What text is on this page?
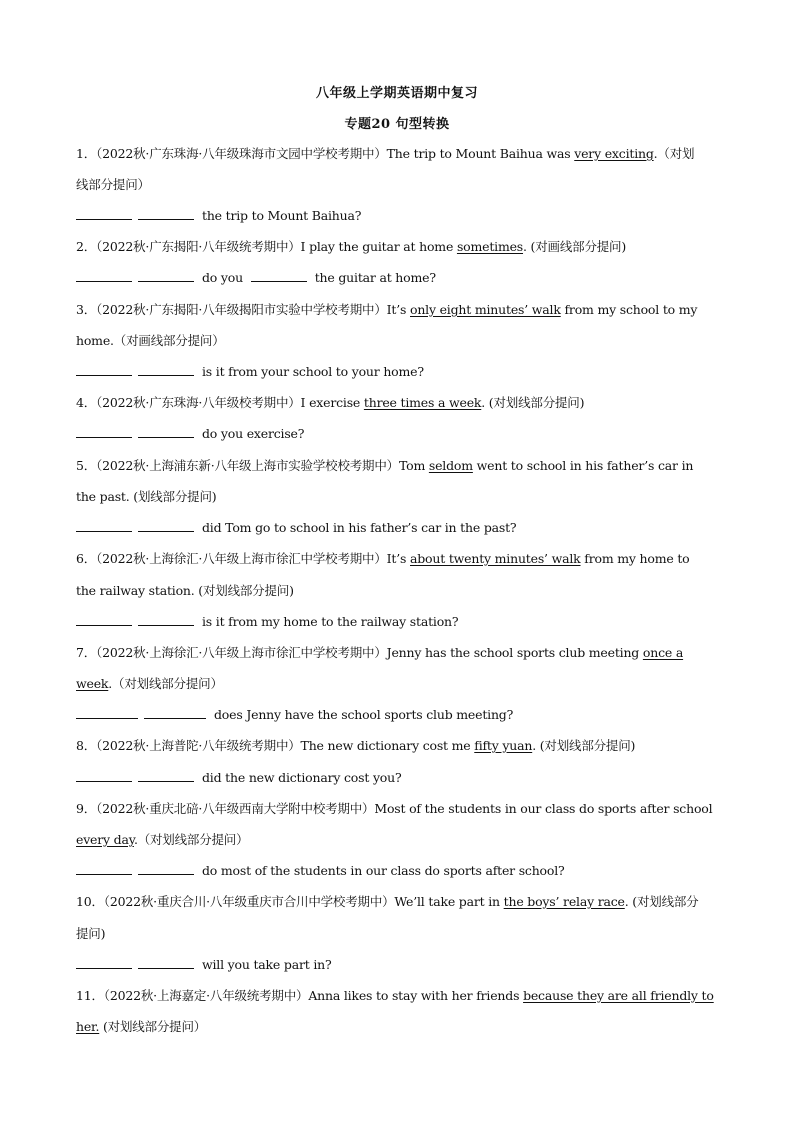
八年级上学期英语期中复习
专题20 句型转换
1．（2022秋·广东珠海·八年级珠海市文园中学校考期中）The trip to Mount Baihua was very exciting.（对划
线部分提问）
the trip to Mount Baihua?
2．（2022秋·广东揭阳·八年级统考期中）I play the guitar at home sometimes. (对画线部分提问)
do you	the guitar at home?
3．（2022秋·广东揭阳·八年级揭阳市实验中学校考期中）It’s only eight minutes’ walk from my school to my
home.（对画线部分提问）
is it from your school to your home?
4．（2022秋·广东珠海·八年级校考期中）I exercise three times a week. (对划线部分提问)
do you exercise?
5．（2022秋·上海浦东新·八年级上海市实验学校校考期中）Tom seldom went to school in his father’s car in
the past. (划线部分提问)
did Tom go to school in his father’s car in the past?
6．（2022秋·上海徐汇·八年级上海市徐汇中学校考期中）It’s about twenty minutes’ walk from my home to
the railway station. (对划线部分提问)
is it from my home to the railway station?
7．（2022秋·上海徐汇·八年级上海市徐汇中学校考期中）Jenny has the school sports club meeting once a
week.（对划线部分提问）
does Jenny have the school sports club meeting?
8．（2022秋·上海普陀·八年级统考期中）The new dictionary cost me fifty yuan. (对划线部分提问)
did the new dictionary cost you?
9．（2022秋·重庆北碚·八年级西南大学附中校考期中）Most of the students in our class do sports after school
every day.（对划线部分提问）
do most of the students in our class do sports after school?
10．（2022秋·重庆合川·八年级重庆市合川中学校考期中）We’ll take part in the boys’ relay race. (对划线部分
提问)
will you take part in?
11．（2022秋·上海嘉定·八年级统考期中）Anna likes to stay with her friends because they are all friendly to
her. (对划线部分提问）
